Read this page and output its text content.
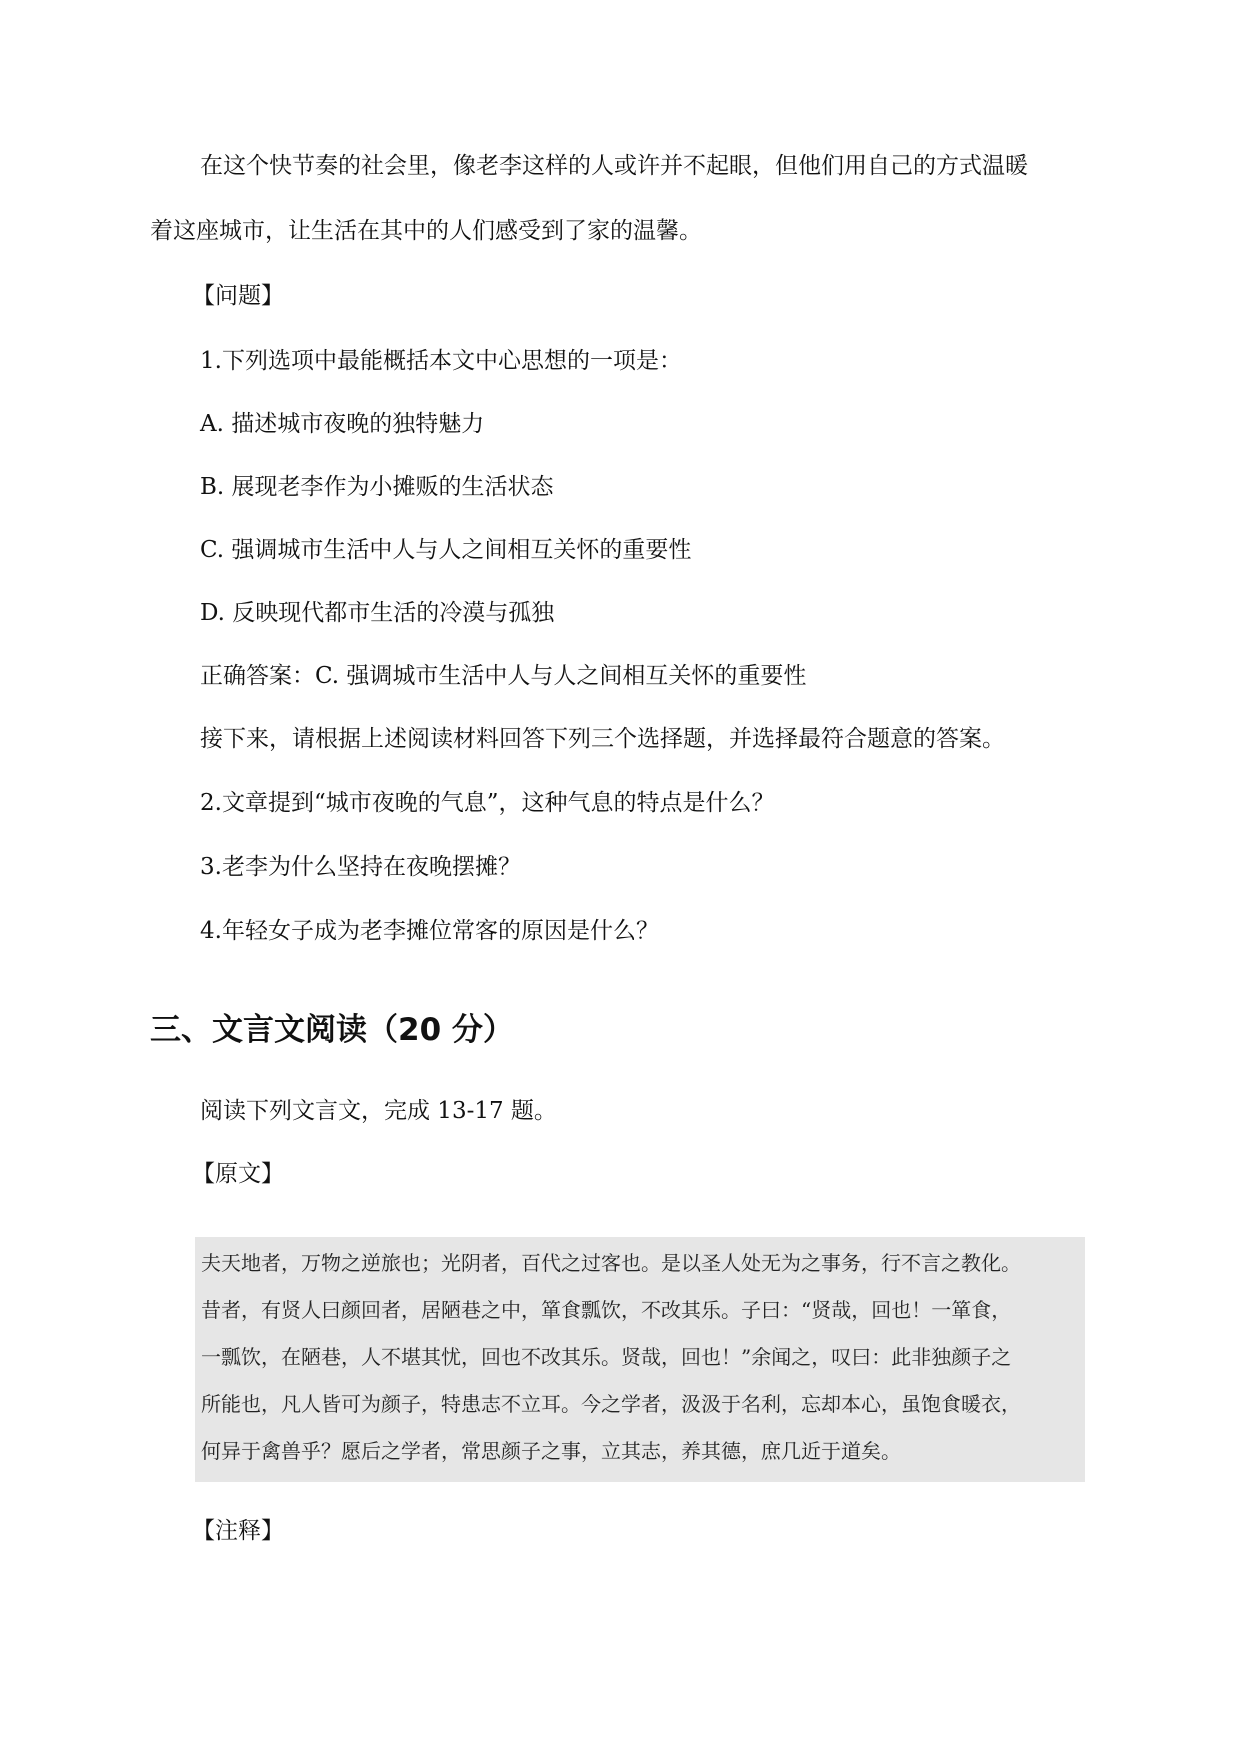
在这个快节奏的社会里，像老李这样的人或许并不起眼，但他们用自己的方式温暖
着这座城市，让生活在其中的人们感受到了家的温馨。
【问题】
1.下列选项中最能概括本文中心思想的一项是：
A. 描述城市夜晚的独特魅力
B. 展现老李作为小摊贩的生活状态
C. 强调城市生活中人与人之间相互关怀的重要性
D. 反映现代都市生活的冷漠与孤独
正确答案：C. 强调城市生活中人与人之间相互关怀的重要性
接下来，请根据上述阅读材料回答下列三个选择题，并选择最符合题意的答案。
2.文章提到“城市夜晚的气息”，这种气息的特点是什么？
3.老李为什么坚持在夜晚摆摊？
4.年轻女子成为老李摊位常客的原因是什么？
三、文言文阅读（20 分）
阅读下列文言文，完成 13-17 题。
【原文】
夫天地者，万物之逆旅也；光阴者，百代之过客也。是以圣人处无为之事务，行不言之教化。
昔者，有贤人曰颜回者，居陋巷之中，箪食瓢饮，不改其乐。子曰：“贤哉，回也！一箪食，
一瓢饮，在陋巷，人不堪其忧，回也不改其乐。贤哉，回也！”余闻之，叹曰：此非独颜子之
所能也，凡人皆可为颜子，特患志不立耳。今之学者，汲汲于名利，忘却本心，虽饱食暖衣，
何异于禽兽乎？愿后之学者，常思颜子之事，立其志，养其德，庶几近于道矣。
【注释】
